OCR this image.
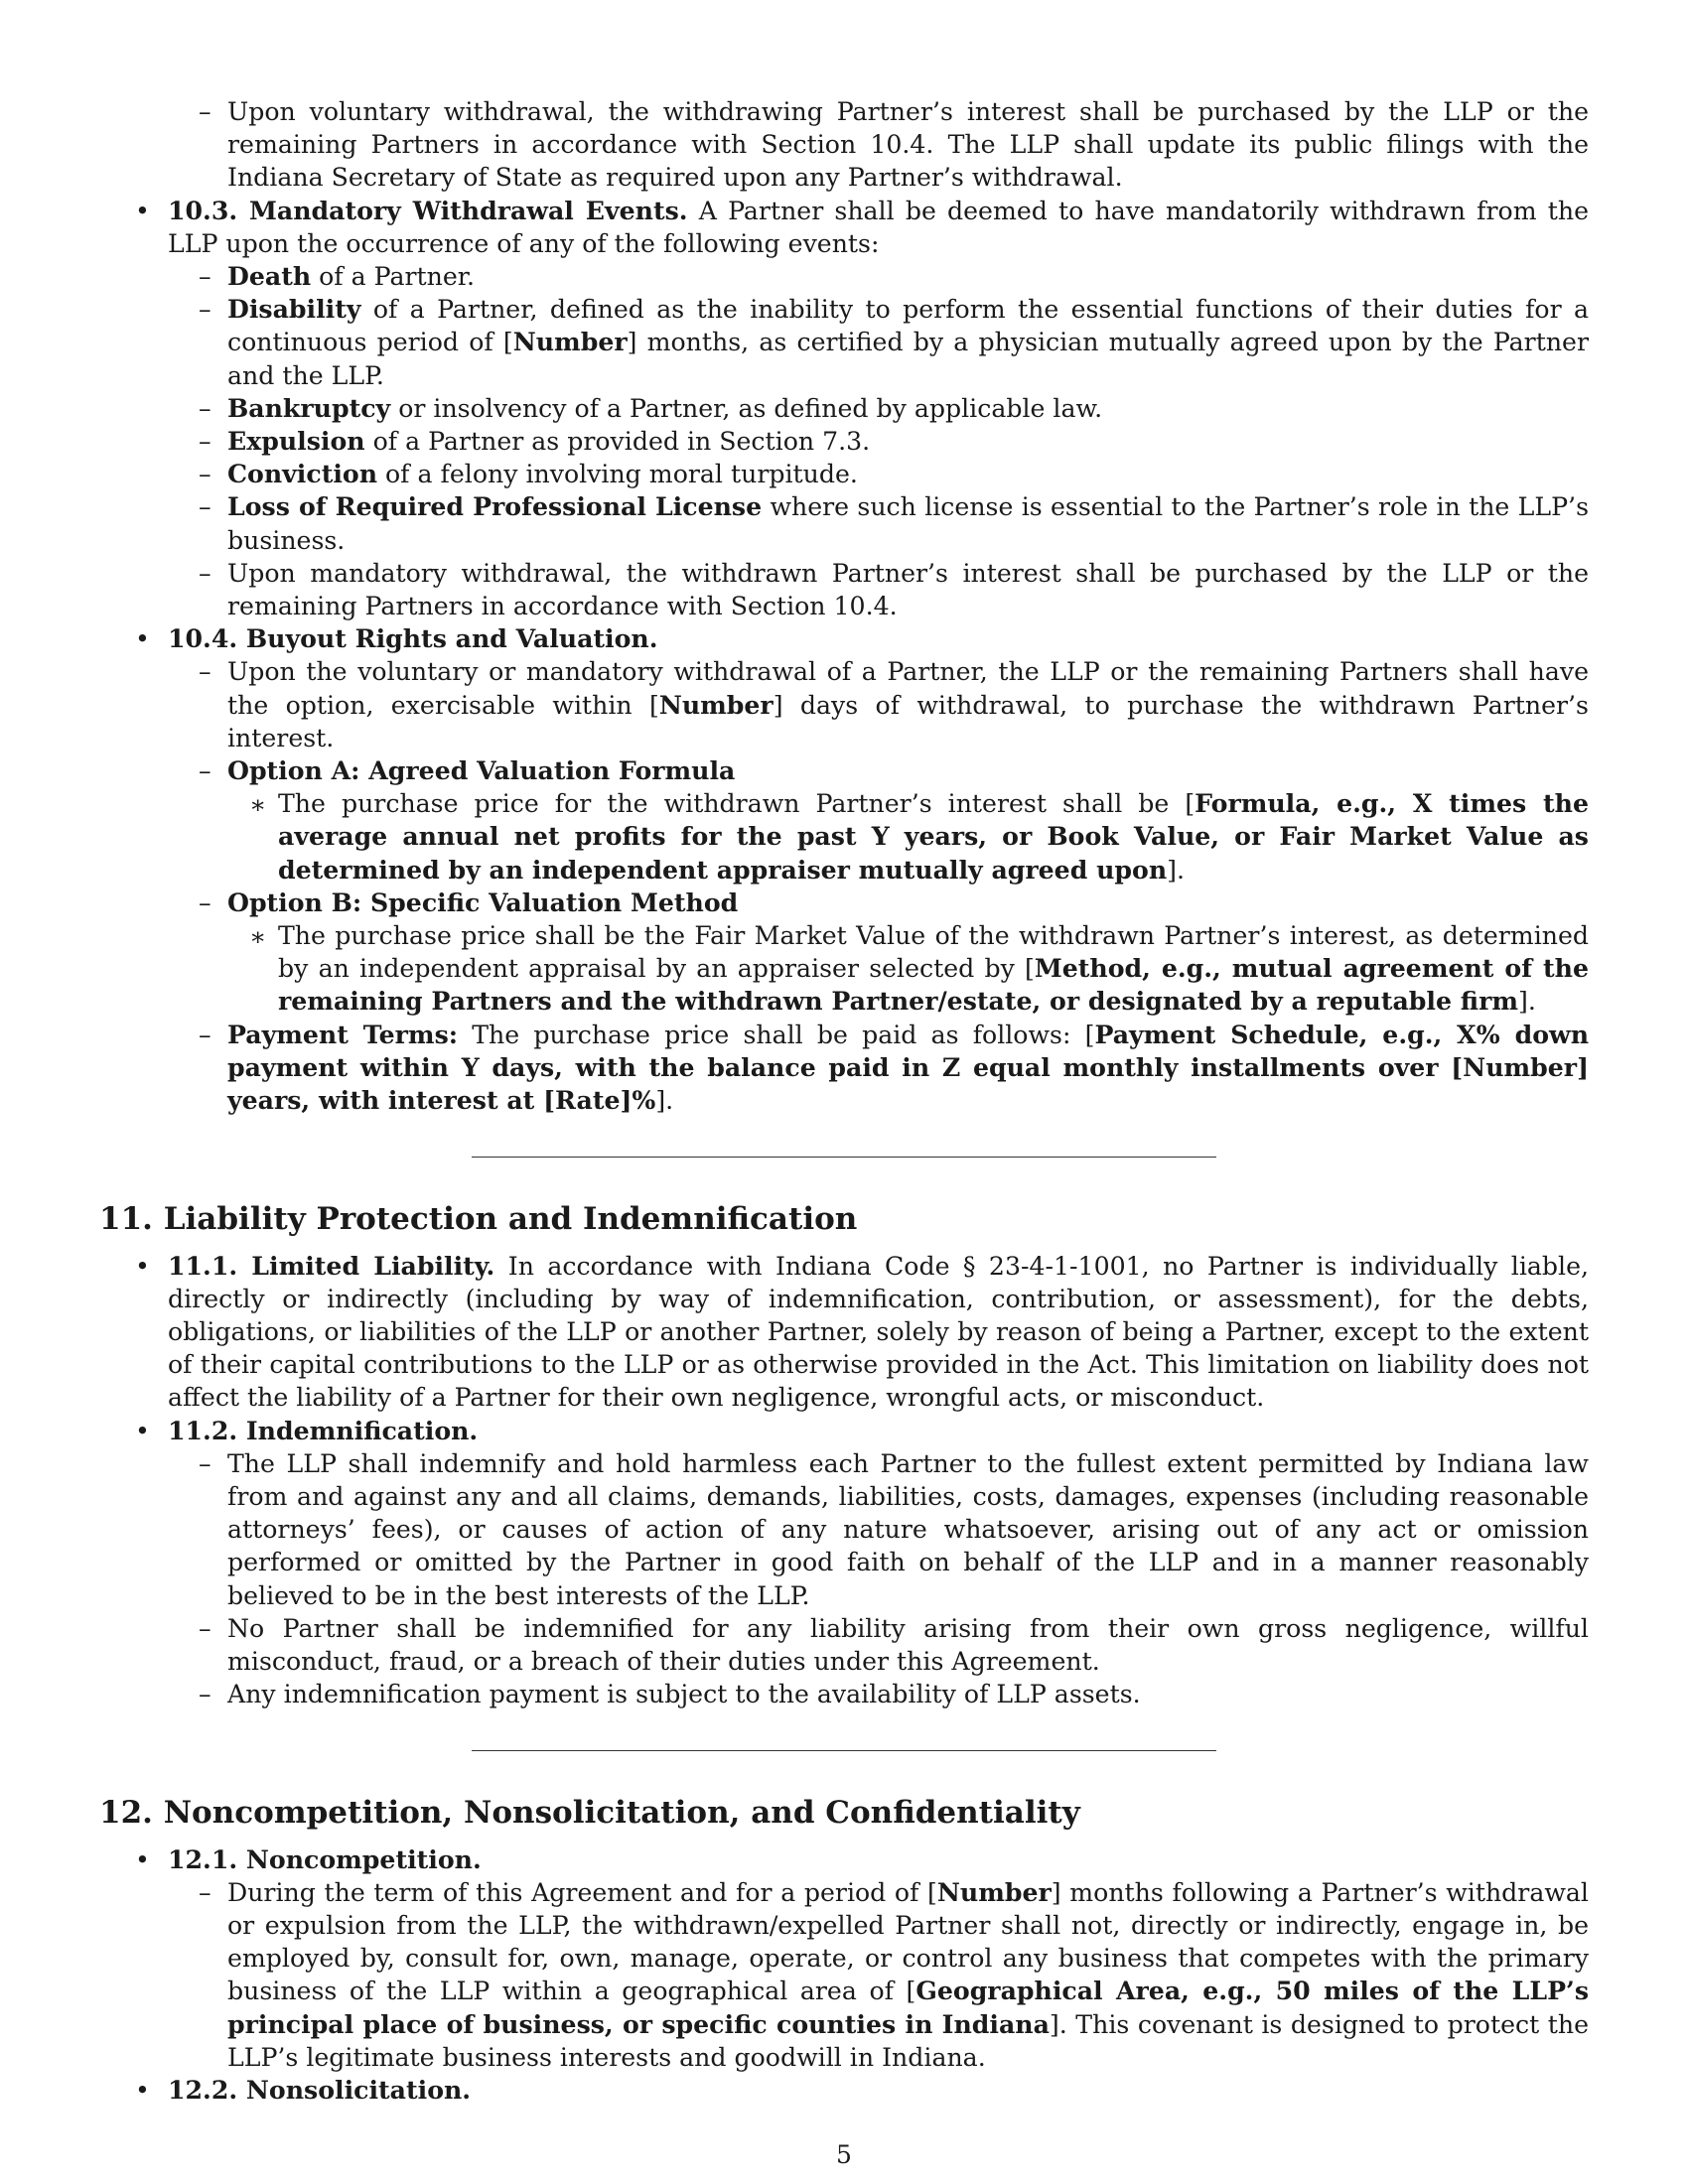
– Upon voluntary withdrawal, the withdrawing Partner’s interest shall be purchased by the LLP or the remaining Partners in accordance with Section 10.4. The LLP shall update its public filings with the Indiana Secretary of State as required upon any Partner’s withdrawal.
• 10.3. Mandatory Withdrawal Events. A Partner shall be deemed to have mandatorily withdrawn from the LLP upon the occurrence of any of the following events:
– Death of a Partner.
– Disability of a Partner, defined as the inability to perform the essential functions of their duties for a continuous period of [Number] months, as certified by a physician mutually agreed upon by the Partner and the LLP.
– Bankruptcy or insolvency of a Partner, as defined by applicable law.
– Expulsion of a Partner as provided in Section 7.3.
– Conviction of a felony involving moral turpitude.
– Loss of Required Professional License where such license is essential to the Partner’s role in the LLP’s business.
– Upon mandatory withdrawal, the withdrawn Partner’s interest shall be purchased by the LLP or the remaining Partners in accordance with Section 10.4.
• 10.4. Buyout Rights and Valuation.
– Upon the voluntary or mandatory withdrawal of a Partner, the LLP or the remaining Partners shall have the option, exercisable within [Number] days of withdrawal, to purchase the withdrawn Partner’s interest.
– Option A: Agreed Valuation Formula
∗ The purchase price for the withdrawn Partner’s interest shall be [Formula, e.g., X times the average annual net profits for the past Y years, or Book Value, or Fair Market Value as determined by an independent appraiser mutually agreed upon].
– Option B: Specific Valuation Method
∗ The purchase price shall be the Fair Market Value of the withdrawn Partner’s interest, as determined by an independent appraisal by an appraiser selected by [Method, e.g., mutual agreement of the remaining Partners and the withdrawn Partner/estate, or designated by a reputable firm].
– Payment Terms: The purchase price shall be paid as follows: [Payment Schedule, e.g., X% down payment within Y days, with the balance paid in Z equal monthly installments over [Number] years, with interest at [Rate]%].
11. Liability Protection and Indemnification
• 11.1. Limited Liability. In accordance with Indiana Code § 23-4-1-1001, no Partner is individually liable, directly or indirectly (including by way of indemnification, contribution, or assessment), for the debts, obligations, or liabilities of the LLP or another Partner, solely by reason of being a Partner, except to the extent of their capital contributions to the LLP or as otherwise provided in the Act. This limitation on liability does not affect the liability of a Partner for their own negligence, wrongful acts, or misconduct.
• 11.2. Indemnification.
– The LLP shall indemnify and hold harmless each Partner to the fullest extent permitted by Indiana law from and against any and all claims, demands, liabilities, costs, damages, expenses (including reasonable attorneys’ fees), or causes of action of any nature whatsoever, arising out of any act or omission performed or omitted by the Partner in good faith on behalf of the LLP and in a manner reasonably believed to be in the best interests of the LLP.
– No Partner shall be indemnified for any liability arising from their own gross negligence, willful misconduct, fraud, or a breach of their duties under this Agreement.
– Any indemnification payment is subject to the availability of LLP assets.
12. Noncompetition, Nonsolicitation, and Confidentiality
• 12.1. Noncompetition.
– During the term of this Agreement and for a period of [Number] months following a Partner’s withdrawal or expulsion from the LLP, the withdrawn/expelled Partner shall not, directly or indirectly, engage in, be employed by, consult for, own, manage, operate, or control any business that competes with the primary business of the LLP within a geographical area of [Geographical Area, e.g., 50 miles of the LLP’s principal place of business, or specific counties in Indiana]. This covenant is designed to protect the LLP’s legitimate business interests and goodwill in Indiana.
• 12.2. Nonsolicitation.
5
